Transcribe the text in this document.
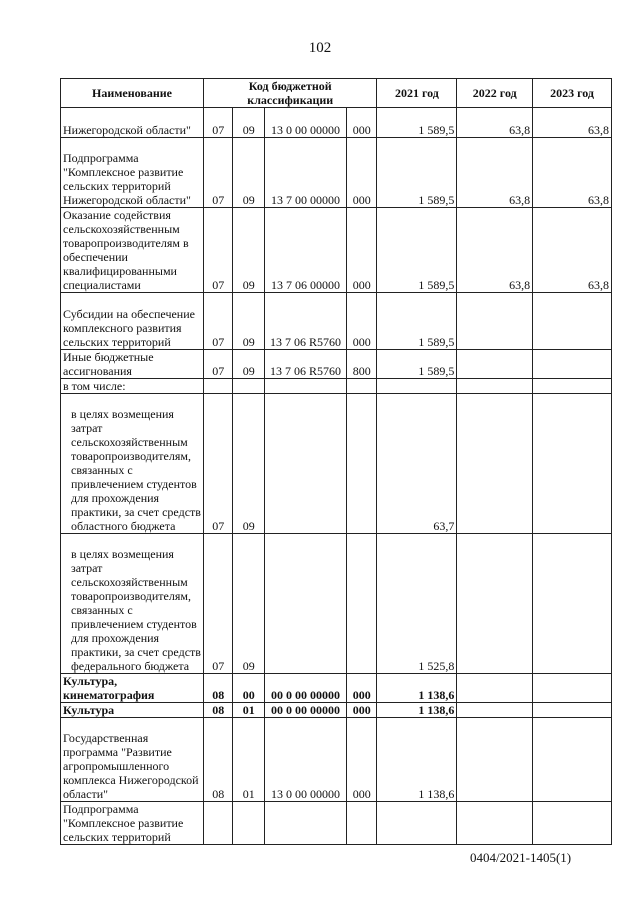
102
Наименование	Код бюджетной классификации				2021 год	2022 год	2023 год
Нижегородской области"	07	09	13 0 00 00000	000	1 589,5	63,8	63,8
Подпрограмма "Комплексное развитие сельских территорий Нижегородской области"	07	09	13 7 00 00000	000	1 589,5	63,8	63,8
Оказание содействия сельскохозяйственным товаропроизводителям в обеспечении квалифицированными специалистами	07	09	13 7 06 00000	000	1 589,5	63,8	63,8
Субсидии на обеспечение комплексного развития сельских территорий	07	09	13 7 06 R5760	000	1 589,5		
Иные бюджетные ассигнования	07	09	13 7 06 R5760	800	1 589,5		
в том числе:							

в целях возмещения затрат сельскохозяйственным товаропроизводителям, связанных с привлечением студентов для прохождения практики, за счет средств областного бюджета	07	09			63,7		

в целях возмещения затрат сельскохозяйственным товаропроизводителям, связанных с привлечением студентов для прохождения практики, за счет средств федерального бюджета	07	09			1 525,8		
Культура, кинематография	08	00	00 0 00 00000	000	1 138,6		
Культура	08	01	00 0 00 00000	000	1 138,6		
Государственная программа "Развитие агропромышленного комплекса Нижегородской области"	08	01	13 0 00 00000	000	1 138,6		
Подпрограмма "Комплексное развитие сельских территорий							
0404/2021-1405(1)
